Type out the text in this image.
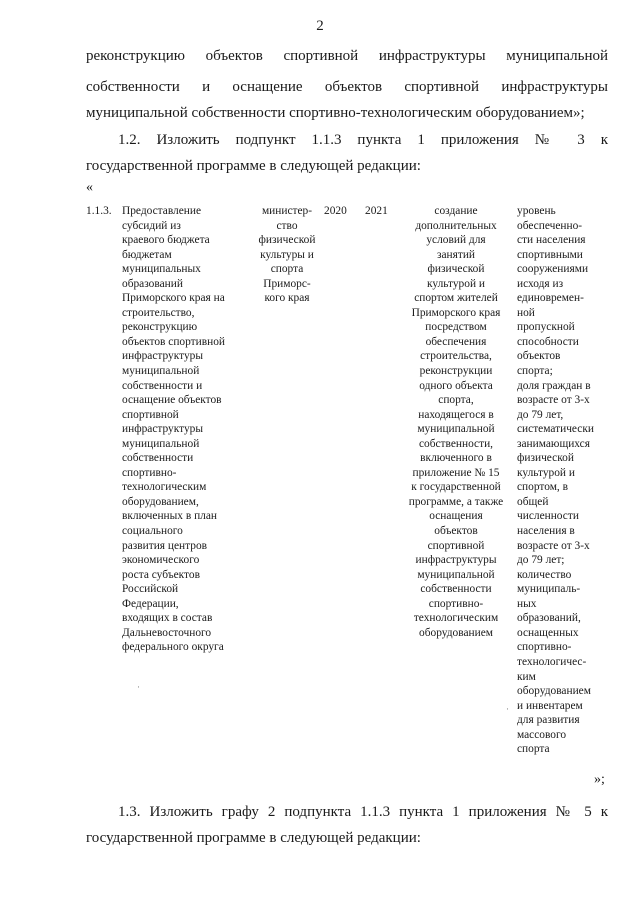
2
реконструкцию объектов спортивной инфраструктуры муниципальной
собственности и оснащение объектов спортивной инфраструктуры
муниципальной собственности спортивно-технологическим оборудованием»;
1.2. Изложить подпункт 1.1.3 пункта 1 приложения № 3 к
государственной программе в следующей редакции:
«
1.1.3. Предоставление
субсидий из
краевого бюджета
бюджетам
муниципальных
образований
Приморского края на
строительство,
реконструкцию
объектов спортивной
инфраструктуры
муниципальной
собственности и
оснащение объектов
спортивной
инфраструктуры
муниципальной
собственности
спортивно-
технологическим
оборудованием,
включенных в план
социального
развития центров
экономического
роста субъектов
Российской
Федерации,
входящих в состав
Дальневосточного
федерального округа
министер-
ство
физической
культуры и
спорта
Приморс-
кого края
2020	2021	создание
дополнительных
условий для
занятий
физической
культурой и
спортом жителей
Приморского края
посредством
обеспечения
строительства,
реконструкции
одного объекта
спорта,
находящегося в
муниципальной
собственности,
включенного в
приложение № 15
к государственной
программе, а также
оснащения
объектов
спортивной
инфраструктуры
муниципальной
собственности
спортивно-
технологическим
оборудованием
уровень
обеспеченно-
сти населения
спортивными
сооружениями
исходя из
единовремен-
ной
пропускной
способности
объектов
спорта;
доля граждан в
возрасте от 3-х
до 79 лет,
систематически
занимающихся
физической
культурой и
спортом, в
общей
численности
населения в
возрасте от 3-х
до 79 лет;
количество
муниципаль-
ных
образований,
оснащенных
спортивно-
технологичес-
ким
оборудованием
и инвентарем
для развития
массового
спорта
·
·
»;
1.3. Изложить графу 2 подпункта 1.1.3 пункта 1 приложения № 5 к
государственной программе в следующей редакции:
